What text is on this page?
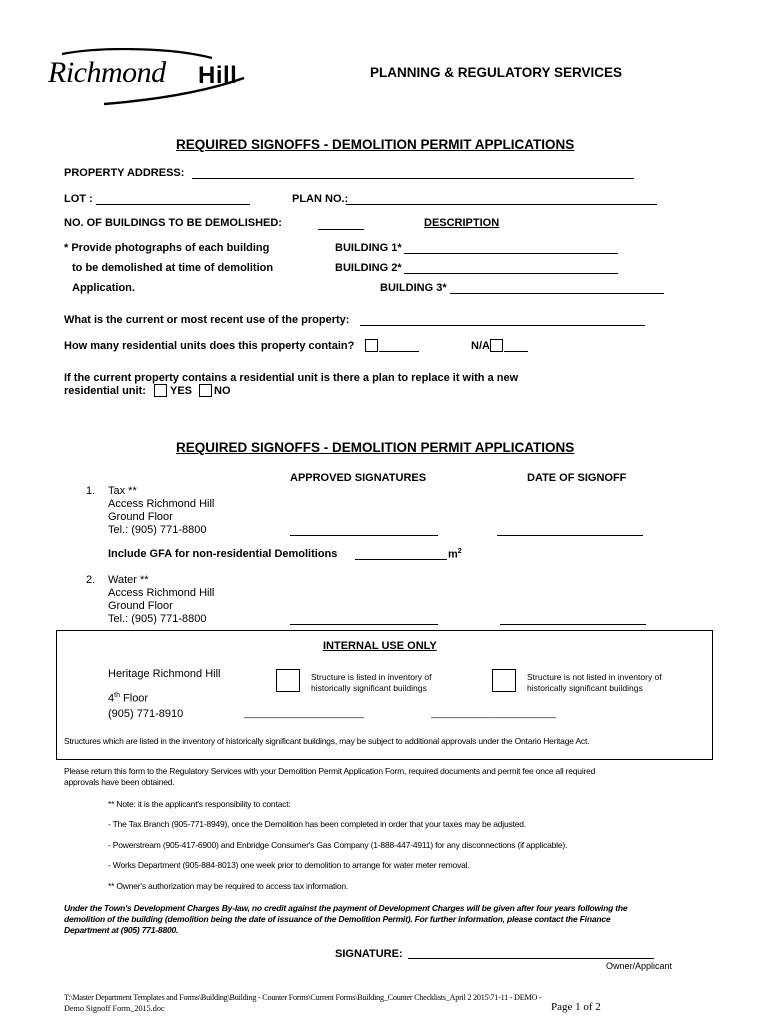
Richmond Hill	PLANNING & REGULATORY SERVICES
REQUIRED SIGNOFFS - DEMOLITION PERMIT APPLICATIONS
PROPERTY ADDRESS:
LOT :	PLAN NO.:
NO. OF BUILDINGS TO BE DEMOLISHED:	DESCRIPTION
* Provide photographs of each building
to be demolished at time of demolition
Application.
BUILDING 1*
BUILDING 2*
BUILDING 3*
What is the current or most recent use of the property:
How many residential units does this property contain?	N/A
If the current property contains a residential unit is there a plan to replace it with a new
residential unit: YES NO
REQUIRED SIGNOFFS - DEMOLITION PERMIT APPLICATIONS
APPROVED SIGNATURES	DATE OF SIGNOFF
1. Tax **
Access Richmond Hill
Ground Floor
Tel.: (905) 771-8800
Include GFA for non-residential Demolitions	$m^2$
2. Water **
Access Richmond Hill
Ground Floor
Tel.: (905) 771-8800
INTERNAL USE ONLY
Heritage Richmond Hill
4th Floor
(905) 771-8910
Structure is listed in inventory of
historically significant buildings
Structure is not listed in inventory of
historically significant buildings
________________________	_________________________
Structures which are listed in the inventory of historically significant buildings, may be subject to additional approvals under the Ontario Heritage Act.
Please return this form to the Regulatory Services with your Demolition Permit Application Form, required documents and permit fee once all required
approvals have been obtained.
** Note: it is the applicant's responsibility to contact:
- The Tax Branch (905-771-8949), once the Demolition has been completed in order that your taxes may be adjusted.
- Powerstream (905-417-6900) and Enbridge Consumer's Gas Company (1-888-447-4911) for any disconnections (if applicable).
- Works Department (905-884-8013) one week prior to demolition to arrange for water meter removal.
** Owner's authorization may be required to access tax information.
Under the Town's Development Charges By-law, no credit against the payment of Development Charges will be given after four years following the
demolition of the building (demolition being the date of issuance of the Demolition Permit). For further information, please contact the Finance
Department at (905) 771-8800.
SIGNATURE:
Owner/Applicant
T:\Master Department Templates and Forms\Building\Building - Counter Forms\Current Forms\Building_Counter Checklists_April 2 2015\71-11 - DEMO -
Demo Signoff Form_2015.doc	Page 1 of 2
